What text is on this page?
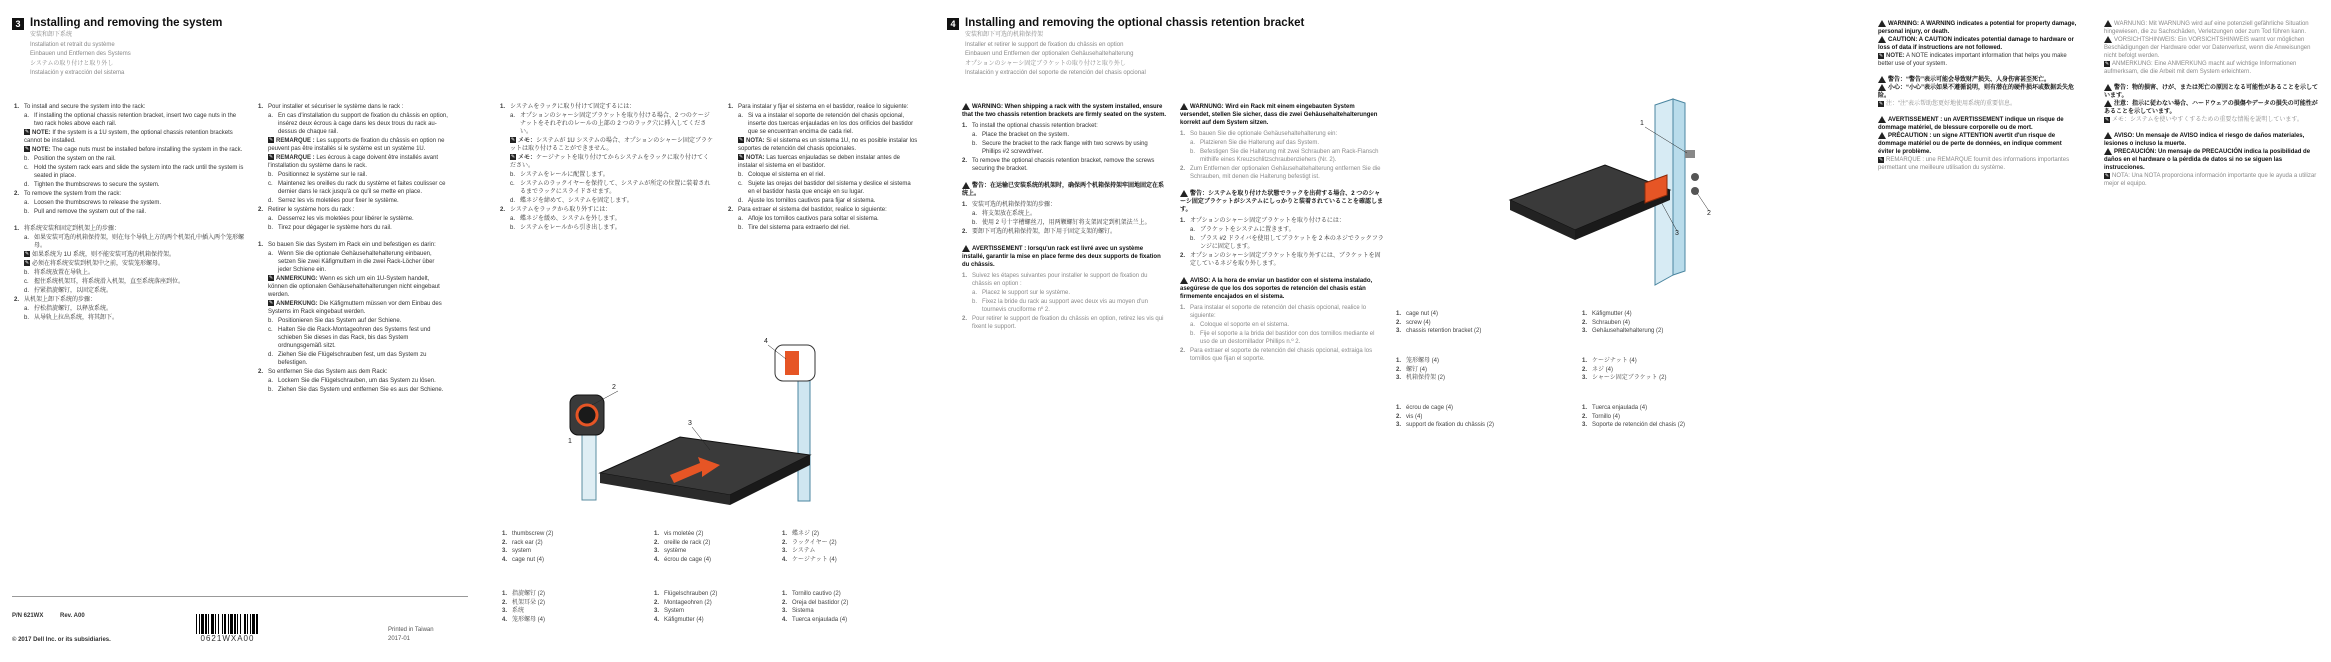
3 Installing and removing the system
安装和卸下系统
Installation et retrait du système
Einbauen und Entfernen des Systems
システムの取り付けと取り外し
Instalación y extracción del sistema
1. To install and secure the system into the rack:
a. If installing the optional chassis retention bracket, insert two cage nuts in the two rack holes above each rail.
✎ NOTE: If the system is a 1U system, the optional chassis retention brackets cannot be installed.
✎ NOTE: The cage nuts must be installed before installing the system in the rack.
b. Position the system on the rail.
c. Hold the system rack ears and slide the system into the rack until the system is seated in place.
d. Tighten the thumbscrews to secure the system.
2. To remove the system from the rack:
a. Loosen the thumbscrews to release the system.
b. Pull and remove the system out of the rail.
1. 将系统安装和固定到机架上的步骤：
a. 如果安装可选的机箱保持架，则在每个导轨上方的两个机架孔中插入两个笼形螺母。
✎ 如果系统为 1U 系统，则不能安装可选的机箱保持架。
✎ 必须在将系统安装到机架中之前，安装笼形螺母。
b. 将系统放置在导轨上。
c. 握住系统机架耳，将系统滑入机架，直至系统落座到位。
d. 拧紧指旋螺钉，以固定系统。
2. 从机架上卸下系统的步骤：
a. 拧松指旋螺钉，以释放系统。
b. 从导轨上拉出系统，将其卸下。
1. Pour installer et sécuriser le système dans le rack :
a. En cas d'installation du support de fixation du châssis en option, insérez deux écrous à cage dans les deux trous du rack au-dessus de chaque rail.
✎ REMARQUE : Les supports de fixation du châssis en option ne peuvent pas être installés si le système est un système 1U.
✎ REMARQUE : Les écrous à cage doivent être installés avant l'installation du système dans le rack.
b. Positionnez le système sur le rail.
c. Maintenez les oreilles du rack du système et faites coulisser ce dernier dans le rack jusqu'à ce qu'il se mette en place.
d. Serrez les vis moletées pour fixer le système.
2. Retirer le système hors du rack :
a. Desserrez les vis moletées pour libérer le système.
b. Tirez pour dégager le système hors du rail.
1. So bauen Sie das System im Rack ein und befestigen es darin:
a. Wenn Sie die optionale Gehäusehaltehalterung einbauen, setzen Sie zwei Käfigmuttern in die zwei Rack-Löcher über jeder Schiene ein.
✎ ANMERKUNG: Wenn es sich um ein 1U-System handelt, können die optionalen Gehäusehaltehalterungen nicht eingebaut werden.
✎ ANMERKUNG: Die Käfigmuttern müssen vor dem Einbau des Systems im Rack eingebaut werden.
b. Positionieren Sie das System auf der Schiene.
c. Halten Sie die Rack-Montageohren des Systems fest und schieben Sie dieses in das Rack, bis das System ordnungsgemäß sitzt.
d. Ziehen Sie die Flügelschrauben fest, um das System zu befestigen.
2. So entfernen Sie das System aus dem Rack:
a. Lockern Sie die Flügelschrauben, um das System zu lösen.
b. Ziehen Sie das System und entfernen Sie es aus der Schiene.
1. システムをラックに取り付けて固定するには：
a. オプションのシャーシ固定ブラケットを取り付ける場合、2 つのケージナットをそれぞれのレールの上部の 2 つのラック穴に挿入してください。
✎ メモ：システムが 1U システムの場合、オプションのシャーシ固定ブラケットは取り付けることができません。
✎ メモ：ケージナットを取り付けてからシステムをラックに取り付けてください。
b. システムをレールに配置します。
c. システムのラックイヤーを保持して、システムが所定の位置に装着されるまでラックにスライドさせます。
d. 蝶ネジを締めて、システムを固定します。
2. システムをラックから取り外すには：
a. 蝶ネジを緩め、システムを外します。
b. システムをレールから引き出します。
1. Para instalar y fijar el sistema en el bastidor, realice lo siguiente:
a. Si va a instalar el soporte de retención del chasis opcional, inserte dos tuercas enjauladas en los dos orificios del bastidor que se encuentran encima de cada riel.
✎ NOTA: Si el sistema es un sistema 1U, no es posible instalar los soportes de retención del chasis opcionales.
✎ NOTA: Las tuercas enjauladas se deben instalar antes de instalar el sistema en el bastidor.
b. Coloque el sistema en el riel.
c. Sujete las orejas del bastidor del sistema y deslice el sistema en el bastidor hasta que encaje en su lugar.
d. Ajuste los tornillos cautivos para fijar el sistema.
2. Para extraer el sistema del bastidor, realice lo siguiente:
a. Afloje los tornillos cautivos para soltar el sistema.
b. Tire del sistema para extraerlo del riel.
1
2
3
4
1. thumbscrew (2)
2. rack ear (2)
3. system
4. cage nut (4)
1. vis moletée (2)
2. oreille de rack (2)
3. système
4. écrou de cage (4)
1. 蝶ネジ (2)
2. ラックイヤー (2)
3. システム
4. ケージナット (4)
1. 指旋螺钉 (2)
2. 机架耳朵 (2)
3. 系统
4. 笼形螺母 (4)
1. Flügelschrauben (2)
2. Montageohren (2)
3. System
4. Käfigmutter (4)
1. Tornillo cautivo (2)
2. Oreja del bastidor (2)
3. Sistema
4. Tuerca enjaulada (4)
P/N 621WX	Rev. A00
© 2017 Dell Inc. or its subsidiaries.	0621WXA00
Printed in Taiwan
2017-01
4 Installing and removing the optional chassis retention bracket
安装和卸下可选的机箱保持架
Installer et retirer le support de fixation du châssis en option
Einbauen und Entfernen der optionalen Gehäusehaltehalterung
オプションのシャーシ固定ブラケットの取り付けと取り外し
Instalación y extracción del soporte de retención del chasis opcional
WARNING: When shipping a rack with the system installed, ensure that the two chassis retention brackets are firmly seated on the system.
1. To install the optional chassis retention bracket:
a. Place the bracket on the system.
b. Secure the bracket to the rack flange with two screws by using Phillips #2 screwdriver.
2. To remove the optional chassis retention bracket, remove the screws securing the bracket.
警告：在运输已安装系统的机架时，确保两个机箱保持架牢固地固定在系统上。
1. 安装可选的机箱保持架的步骤：
a. 将支架放在系统上。
b. 使用 2 号十字槽螺丝刀，用两颗螺钉将支架固定到机架法兰上。
2. 要卸下可选的机箱保持架，卸下用于固定支架的螺钉。
AVERTISSEMENT : lorsqu'un rack est livré avec un système installé, garantir la mise en place ferme des deux supports de fixation du châssis.
1. Suivez les étapes suivantes pour installer le support de fixation du châssis en option :
a. Placez le support sur le système.
b. Fixez la bride du rack au support avec deux vis au moyen d'un tournevis cruciforme nº 2.
2. Pour retirer le support de fixation du châssis en option, retirez les vis qui fixent le support.
WARNUNG: Wird ein Rack mit einem eingebauten System versendet, stellen Sie sicher, dass die zwei Gehäusehaltehalterungen korrekt auf dem System sitzen.
1. So bauen Sie die optionale Gehäusehaltehalterung ein:
a. Platzieren Sie die Halterung auf das System.
b. Befestigen Sie die Halterung mit zwei Schrauben am Rack-Flansch mithilfe eines Kreuzschlitzschraubenziehers (Nr. 2).
2. Zum Entfernen der optionalen Gehäusehaltehalterung entfernen Sie die Schrauben, mit denen die Halterung befestigt ist.
警告：システムを取り付けた状態でラックを出荷する場合、2 つのシャーシ固定ブラケットがシステムにしっかりと装着されていることを確認します。
1. オプションのシャーシ固定ブラケットを取り付けるには：
a. ブラケットをシステムに置きます。
b. プラス #2 ドライバを使用してブラケットを 2 本のネジでラックフランジに固定します。
2. オプションのシャーシ固定ブラケットを取り外すには、ブラケットを固定しているネジを取り外します。
AVISO: A la hora de enviar un bastidor con el sistema instalado, asegúrese de que los dos soportes de retención del chasis están firmemente encajados en el sistema.
1. Para instalar el soporte de retención del chasis opcional, realice lo siguiente:
a. Coloque el soporte en el sistema.
b. Fije el soporte a la brida del bastidor con dos tornillos mediante el uso de un destornillador Phillips n.º 2.
2. Para extraer el soporte de retención del chasis opcional, extraiga los tornillos que fijan el soporte.
1
2
3
1. cage nut (4)
2. screw (4)
3. chassis retention bracket (2)
1. Käfigmutter (4)
2. Schrauben (4)
3. Gehäusehaltehalterung (2)
1. 笼形螺母 (4)
2. 螺钉 (4)
3. 机箱保持架 (2)
1. ケージナット (4)
2. ネジ (4)
3. シャーシ固定ブラケット (2)
1. écrou de cage (4)
2. vis (4)
3. support de fixation du châssis (2)
1. Tuerca enjaulada (4)
2. Tornillo (4)
3. Soporte de retención del chasis (2)
WARNING: A WARNING indicates a potential for property damage, personal injury, or death.
CAUTION: A CAUTION indicates potential damage to hardware or loss of data if instructions are not followed.
✎ NOTE: A NOTE indicates important information that helps you make better use of your system.
警告：“警告”表示可能会导致财产损失、人身伤害甚至死亡。
小心：“小心”表示如果不遵循说明，则有潜在的硬件损坏或数据丢失危险。
✎ 注：“注”表示帮助您更好地使用系统的重要信息。
AVERTISSEMENT : un AVERTISSEMENT indique un risque de dommage matériel, de blessure corporelle ou de mort.
PRÉCAUTION : un signe ATTENTION avertit d'un risque de dommage matériel ou de perte de données, en indique comment éviter le problème.
✎ REMARQUE : une REMARQUE fournit des informations importantes permettant une meilleure utilisation du système.
WARNUNG: Mit WARNUNG wird auf eine potenziell gefährliche Situation hingewiesen, die zu Sachschäden, Verletzungen oder zum Tod führen kann.
VORSICHTSHINWEIS: Ein VORSICHTSHINWEIS warnt vor möglichen Beschädigungen der Hardware oder vor Datenverlust, wenn die Anweisungen nicht befolgt werden.
✎ ANMERKUNG: Eine ANMERKUNG macht auf wichtige Informationen aufmerksam, die die Arbeit mit dem System erleichtern.
警告：物的損害、けが、または死亡の原因となる可能性があることを示しています。
注意：指示に従わない場合、ハードウェアの損傷やデータの損失の可能性があることを示しています。
✎ メモ：システムを使いやすくするための重要な情報を説明しています。
AVISO: Un mensaje de AVISO indica el riesgo de daños materiales, lesiones o incluso la muerte.
PRECAUCIÓN: Un mensaje de PRECAUCIÓN indica la posibilidad de daños en el hardware o la pérdida de datos si no se siguen las instrucciones.
✎ NOTA: Una NOTA proporciona información importante que le ayuda a utilizar mejor el equipo.
